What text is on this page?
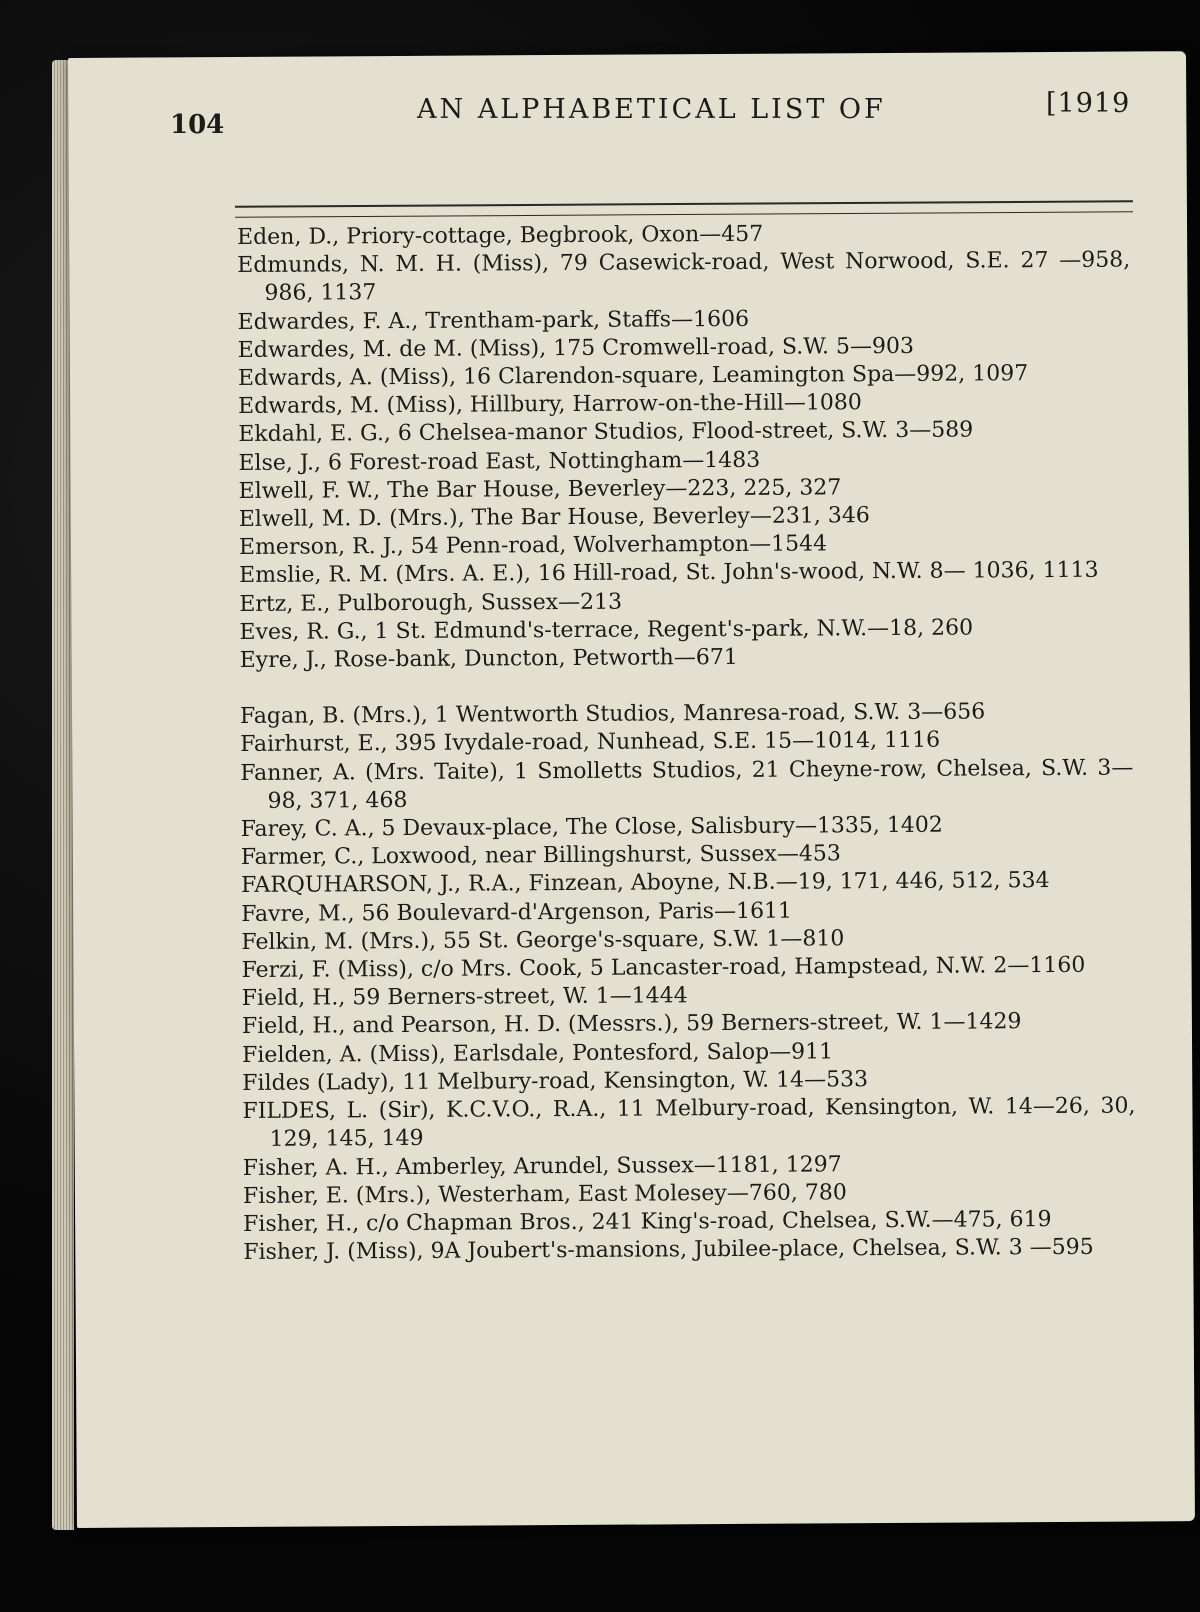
104	AN ALPHABETICAL LIST OF	[1919

Eden, D., Priory-cottage, Begbrook, Oxon—457

Edmunds, N. M. H. (Miss), 79 Casewick-road, West Norwood, S.E. 27 —958, 986, 1137

Edwardes, F. A., Trentham-park, Staffs—1606

Edwardes, M. de M. (Miss), 175 Cromwell-road, S.W. 5—903

Edwards, A. (Miss), 16 Clarendon-square, Leamington Spa—992, 1097

Edwards, M. (Miss), Hillbury, Harrow-on-the-Hill—1080

Ekdahl, E. G., 6 Chelsea-manor Studios, Flood-street, S.W. 3—589

Else, J., 6 Forest-road East, Nottingham—1483

Elwell, F. W., The Bar House, Beverley—223, 225, 327

Elwell, M. D. (Mrs.), The Bar House, Beverley—231, 346

Emerson, R. J., 54 Penn-road, Wolverhampton—1544

Emslie, R. M. (Mrs. A. E.), 16 Hill-road, St. John's-wood, N.W. 8— 1036, 1113

Ertz, E., Pulborough, Sussex—213

Eves, R. G., 1 St. Edmund's-terrace, Regent's-park, N.W.—18, 260

Eyre, J., Rose-bank, Duncton, Petworth—671

Fagan, B. (Mrs.), 1 Wentworth Studios, Manresa-road, S.W. 3—656

Fairhurst, E., 395 Ivydale-road, Nunhead, S.E. 15—1014, 1116

Fanner, A. (Mrs. Taite), 1 Smolletts Studios, 21 Cheyne-row, Chelsea, S.W. 3—98, 371, 468

Farey, C. A., 5 Devaux-place, The Close, Salisbury—1335, 1402

Farmer, C., Loxwood, near Billingshurst, Sussex—453

FARQUHARSON, J., R.A., Finzean, Aboyne, N.B.—19, 171, 446, 512, 534

Favre, M., 56 Boulevard-d'Argenson, Paris—1611

Felkin, M. (Mrs.), 55 St. George's-square, S.W. 1—810

Ferzi, F. (Miss), c/o Mrs. Cook, 5 Lancaster-road, Hampstead, N.W. 2—1160

Field, H., 59 Berners-street, W. 1—1444

Field, H., and Pearson, H. D. (Messrs.), 59 Berners-street, W. 1—1429

Fielden, A. (Miss), Earlsdale, Pontesford, Salop—911

Fildes (Lady), 11 Melbury-road, Kensington, W. 14—533

FILDES, L. (Sir), K.C.V.O., R.A., 11 Melbury-road, Kensington, W. 14—26, 30, 129, 145, 149

Fisher, A. H., Amberley, Arundel, Sussex—1181, 1297

Fisher, E. (Mrs.), Westerham, East Molesey—760, 780

Fisher, H., c/o Chapman Bros., 241 King's-road, Chelsea, S.W.—475, 619

Fisher, J. (Miss), 9A Joubert's-mansions, Jubilee-place, Chelsea, S.W. 3 —595
